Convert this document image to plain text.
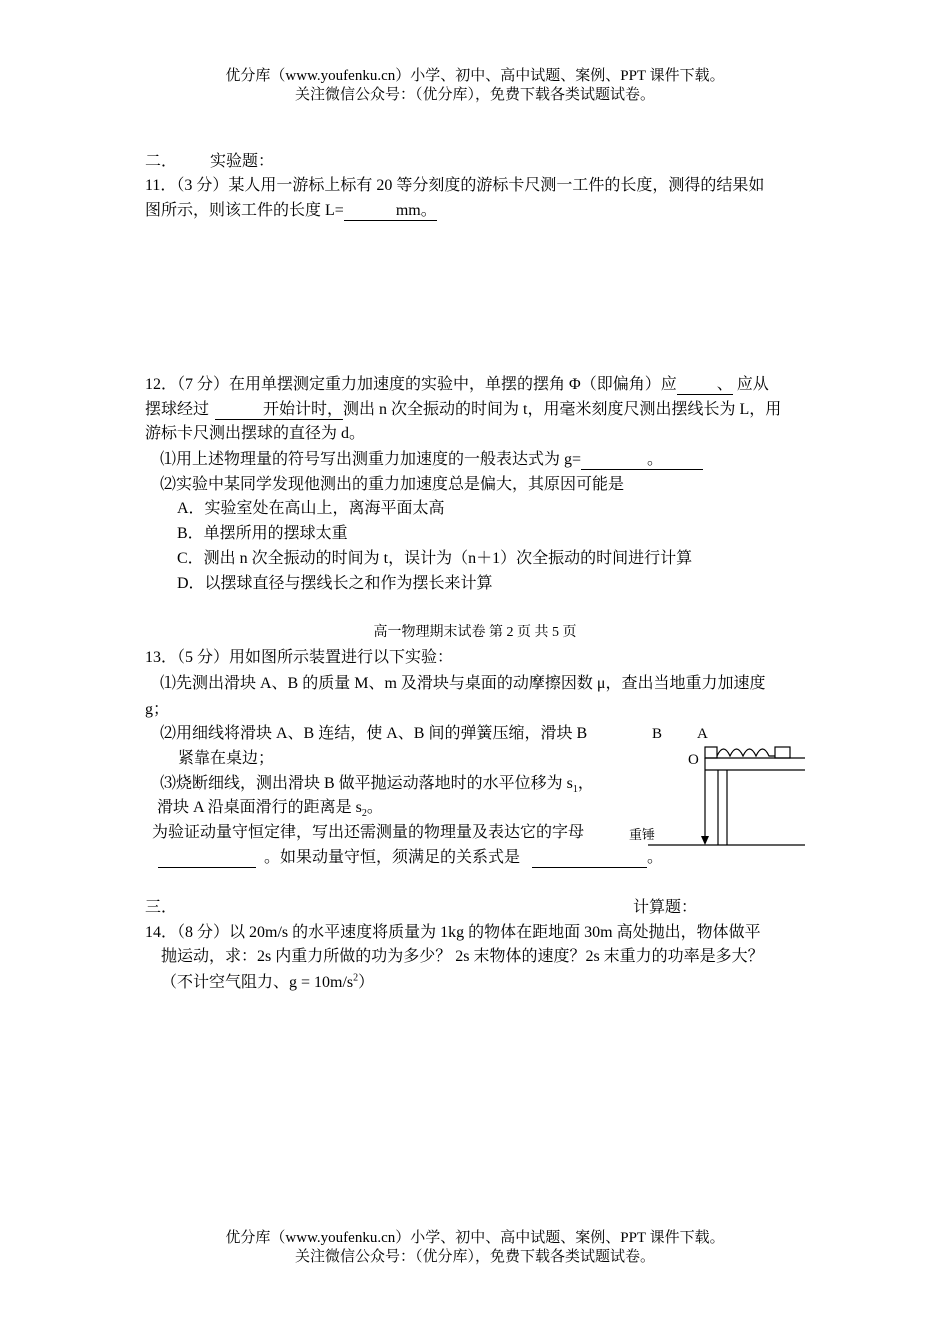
优分库（www.youfenku.cn）小学、初中、高中试题、案例、PPT 课件下载。
关注微信公众号：（优分库），免费下载各类试题试卷。
二． 实验题：
11．（3 分）某人用一游标上标有 20 等分刻度的游标卡尺测一工件的长度，测得的结果如
图所示，则该工件的长度 L=	mm。
12．（7 分）在用单摆测定重力加速度的实验中，单摆的摆角 Φ（即偏角）应	、 应从
摆球经过	开始计时，测出 n 次全振动的时间为 t，用毫米刻度尺测出摆线长为 L，用
游标卡尺测出摆球的直径为 d。
⑴用上述物理量的符号写出测重力加速度的一般表达式为 g=	。
⑵实验中某同学发现他测出的重力加速度总是偏大，其原因可能是
A．实验室处在高山上，离海平面太高
B．单摆所用的摆球太重
C．测出 n 次全振动的时间为 t，误计为（n＋1）次全振动的时间进行计算
D．以摆球直径与摆线长之和作为摆长来计算
高一物理期末试卷 第 2 页 共 5 页
13．（5 分）用如图所示装置进行以下实验：
⑴先测出滑块 A、B 的质量 M、m 及滑块与桌面的动摩擦因数 μ，查出当地重力加速度
g；
⑵用细线将滑块 A、B 连结，使 A、B 间的弹簧压缩，滑块 B
紧靠在桌边；
⑶烧断细线，测出滑块 B 做平抛运动落地时的水平位移为 $s_1$，
滑块 A 沿桌面滑行的距离是 $s_2$。
为验证动量守恒定律，写出还需测量的物理量及表达它的字母
。如果动量守恒，须满足的关系式是	。
B A
O
重锤
三．	计算题：
14．（8 分）以 20m/s 的水平速度将质量为 1kg 的物体在距地面 30m 高处抛出，物体做平
抛运动，求：2s 内重力所做的功为多少？ 2s 末物体的速度？2s 末重力的功率是多大？
（不计空气阻力、$g = 10m/s^2$）
优分库（www.youfenku.cn）小学、初中、高中试题、案例、PPT 课件下载。
关注微信公众号：（优分库），免费下载各类试题试卷。
